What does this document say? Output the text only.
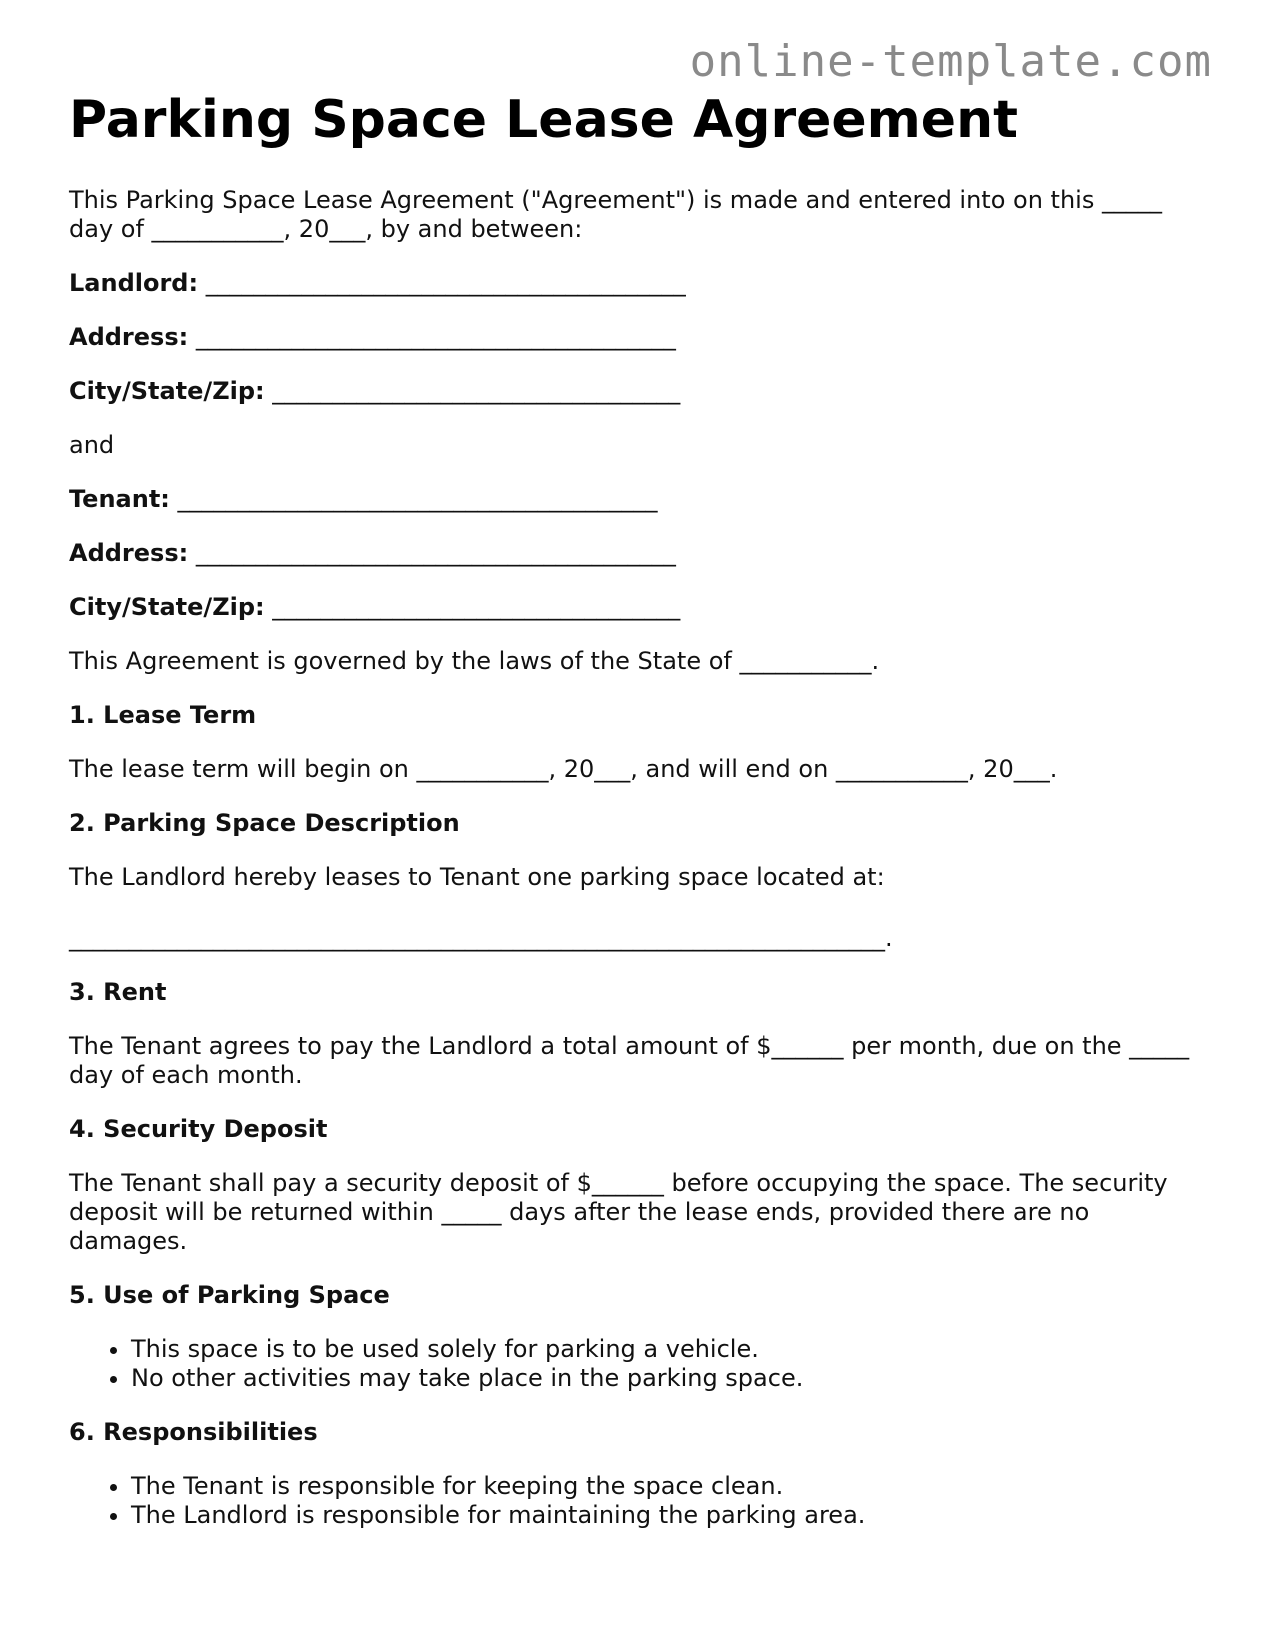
online-template.com
Parking Space Lease Agreement

This Parking Space Lease Agreement ("Agreement") is made and entered into on this _____ day of ___________, 20___, by and between:

Landlord: ________________________________________

Address: ________________________________________

City/State/Zip: __________________________________

and

Tenant: ________________________________________

Address: ________________________________________

City/State/Zip: __________________________________

This Agreement is governed by the laws of the State of ___________.

1. Lease Term

The lease term will begin on ___________, 20___, and will end on ___________, 20___.

2. Parking Space Description

The Landlord hereby leases to Tenant one parking space located at:

____________________________________________________________________.

3. Rent

The Tenant agrees to pay the Landlord a total amount of $______ per month, due on the _____ day of each month.

4. Security Deposit

The Tenant shall pay a security deposit of $______ before occupying the space. The security deposit will be returned within _____ days after the lease ends, provided there are no damages.

5. Use of Parking Space
• This space is to be used solely for parking a vehicle.
• No other activities may take place in the parking space.
6. Responsibilities
• The Tenant is responsible for keeping the space clean.
• The Landlord is responsible for maintaining the parking area.
